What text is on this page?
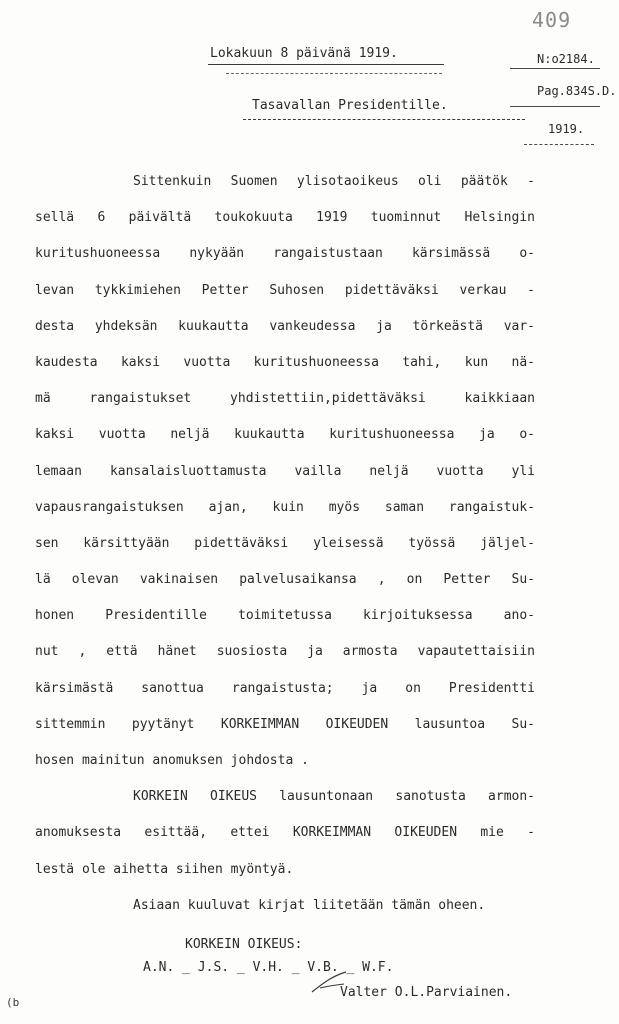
409
Lokakuun 8 päivänä 1919.
Tasavallan Presidentille.
N:o2184.
Pag.834S.D.
1919.
Sittenkuin Suomen ylisotaoikeus oli päätök -
sellä 6 päivältä toukokuuta 1919 tuominnut Helsingin
kuritushuoneessa nykyään rangaistustaan kärsimässä o-
levan tykkimiehen Petter Suhosen pidettäväksi verkau -
desta yhdeksän kuukautta vankeudessa ja törkeästä var-
kaudesta kaksi vuotta kuritushuoneessa tahi, kun nä-
mä rangaistukset yhdistettiin,pidettäväksi kaikkiaan
kaksi vuotta neljä kuukautta kuritushuoneessa ja o-
lemaan kansalaisluottamusta vailla neljä vuotta yli
vapausrangaistuksen ajan, kuin myös saman rangaistuk-
sen kärsittyään pidettäväksi yleisessä työssä jäljel-
lä olevan vakinaisen palvelusaikansa , on Petter Su-
honen Presidentille toimitetussa kirjoituksessa ano-
nut , että hänet suosiosta ja armosta vapautettaisiin
kärsimästä sanottua rangaistusta; ja on Presidentti
sittemmin pyytänyt KORKEIMMAN OIKEUDEN lausuntoa Su-
hosen mainitun anomuksen johdosta .
KORKEIN OIKEUS lausuntonaan sanotusta armon-
anomuksesta esittää, ettei KORKEIMMAN OIKEUDEN mie -
lestä ole aihetta siihen myöntyä.
Asiaan kuuluvat kirjat liitetään tämän oheen.
KORKEIN OIKEUS:
A.N. _ J.S. _ V.H. _ V.B. _ W.F.
Valter O.L.Parviainen.
(b
